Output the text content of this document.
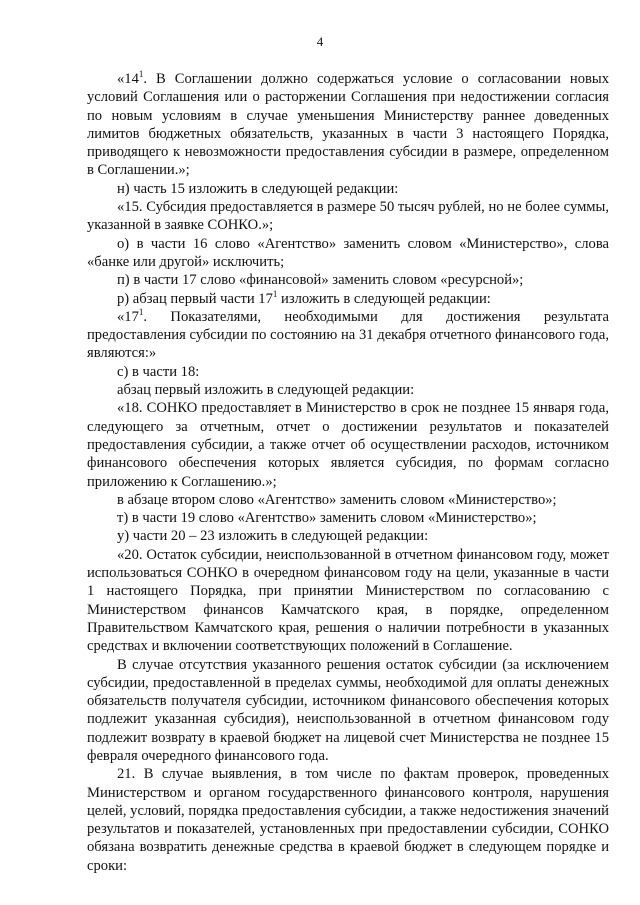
4

«$14^1$. В Соглашении должно содержаться условие о согласовании новых условий Соглашения или о расторжении Соглашения при недостижении согласия по новым условиям в случае уменьшения Министерству раннее доведенных лимитов бюджетных обязательств, указанных в части 3 настоящего Порядка, приводящего к невозможности предоставления субсидии в размере, определенном в Соглашении.»;

н) часть 15 изложить в следующей редакции:

«15. Субсидия предоставляется в размере 50 тысяч рублей, но не более суммы, указанной в заявке СОНКО.»;

о) в части 16 слово «Агентство» заменить словом «Министерство», слова «банке или другой» исключить;

п) в части 17 слово «финансовой» заменить словом «ресурсной»;

р) абзац первый части $17^1$ изложить в следующей редакции:

«$17^1$. Показателями, необходимыми для достижения результата предоставления субсидии по состоянию на 31 декабря отчетного финансового года, являются:»

с) в части 18:

абзац первый изложить в следующей редакции:

«18. СОНКО предоставляет в Министерство в срок не позднее 15 января года, следующего за отчетным, отчет о достижении результатов и показателей предоставления субсидии, а также отчет об осуществлении расходов, источником финансового обеспечения которых является субсидия, по формам согласно приложению к Соглашению.»;

в абзаце втором слово «Агентство» заменить словом «Министерство»;

т) в части 19 слово «Агентство» заменить словом «Министерство»;

у) части 20 – 23 изложить в следующей редакции:

«20. Остаток субсидии, неиспользованной в отчетном финансовом году, может использоваться СОНКО в очередном финансовом году на цели, указанные в части 1 настоящего Порядка, при принятии Министерством по согласованию с Министерством финансов Камчатского края, в порядке, определенном Правительством Камчатского края, решения о наличии потребности в указанных средствах и включении соответствующих положений в Соглашение.

В случае отсутствия указанного решения остаток субсидии (за исключением субсидии, предоставленной в пределах суммы, необходимой для оплаты денежных обязательств получателя субсидии, источником финансового обеспечения которых подлежит указанная субсидия), неиспользованной в отчетном финансовом году подлежит возврату в краевой бюджет на лицевой счет Министерства не позднее 15 февраля очередного финансового года.

21. В случае выявления, в том числе по фактам проверок, проведенных Министерством и органом государственного финансового контроля, нарушения целей, условий, порядка предоставления субсидии, а также недостижения значений результатов и показателей, установленных при предоставлении субсидии, СОНКО обязана возвратить денежные средства в краевой бюджет в следующем порядке и сроки:
